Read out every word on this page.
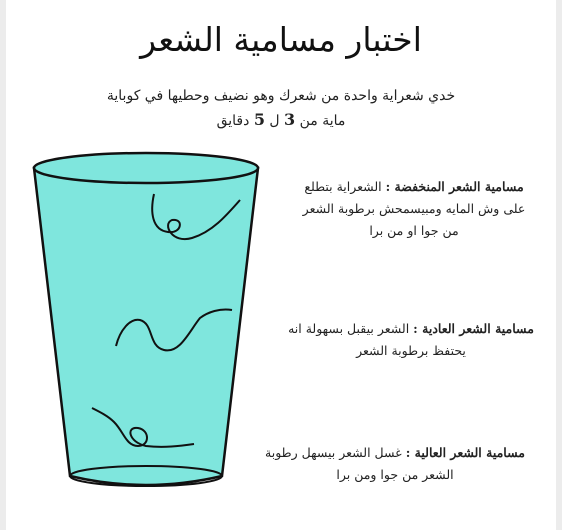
اختبار مسامية الشعر
خدي شعراية واحدة من شعرك وهو نضيف وحطيها في كوباية
ماية من 3 ل 5 دقايق
مسامية الشعر المنخفضة : الشعراية بتطلع
على وش المايه ومبيسمحش برطوبة الشعر
من جوا او من برا
مسامية الشعر العادية : الشعر بيقبل بسهولة انه
يحتفظ برطوبة الشعر
مسامية الشعر العالية : غسل الشعر بيسهل رطوبة
الشعر من جوا ومن برا
